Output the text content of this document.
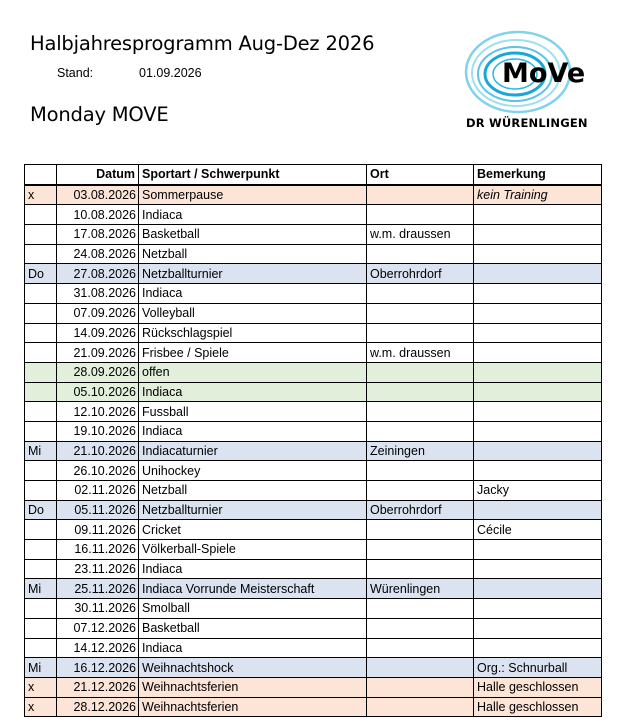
Halbjahresprogramm Aug-Dez 2026
Stand:	01.09.2026
Monday MOVE
MoVe
DR WÜRENLINGEN
	Datum	Sportart / Schwerpunkt	Ort	Bemerkung
x	03.08.2026	Sommerpause		kein Training
	10.08.2026	Indiaca		
	17.08.2026	Basketball	w.m. draussen	
	24.08.2026	Netzball		
Do	27.08.2026	Netzballturnier	Oberrohrdorf	
	31.08.2026	Indiaca		
	07.09.2026	Volleyball		
	14.09.2026	Rückschlagspiel		
	21.09.2026	Frisbee / Spiele	w.m. draussen	
	28.09.2026	offen		
	05.10.2026	Indiaca		
	12.10.2026	Fussball		
	19.10.2026	Indiaca		
Mi	21.10.2026	Indiacaturnier	Zeiningen	
	26.10.2026	Unihockey		
	02.11.2026	Netzball		Jacky
Do	05.11.2026	Netzballturnier	Oberrohrdorf	
	09.11.2026	Cricket		Cécile
	16.11.2026	Völkerball-Spiele		
	23.11.2026	Indiaca		
Mi	25.11.2026	Indiaca Vorrunde Meisterschaft	Würenlingen	
	30.11.2026	Smolball		
	07.12.2026	Basketball		
	14.12.2026	Indiaca		
Mi	16.12.2026	Weihnachtshock		Org.: Schnurball
x	21.12.2026	Weihnachtsferien		Halle geschlossen
x	28.12.2026	Weihnachtsferien		Halle geschlossen
